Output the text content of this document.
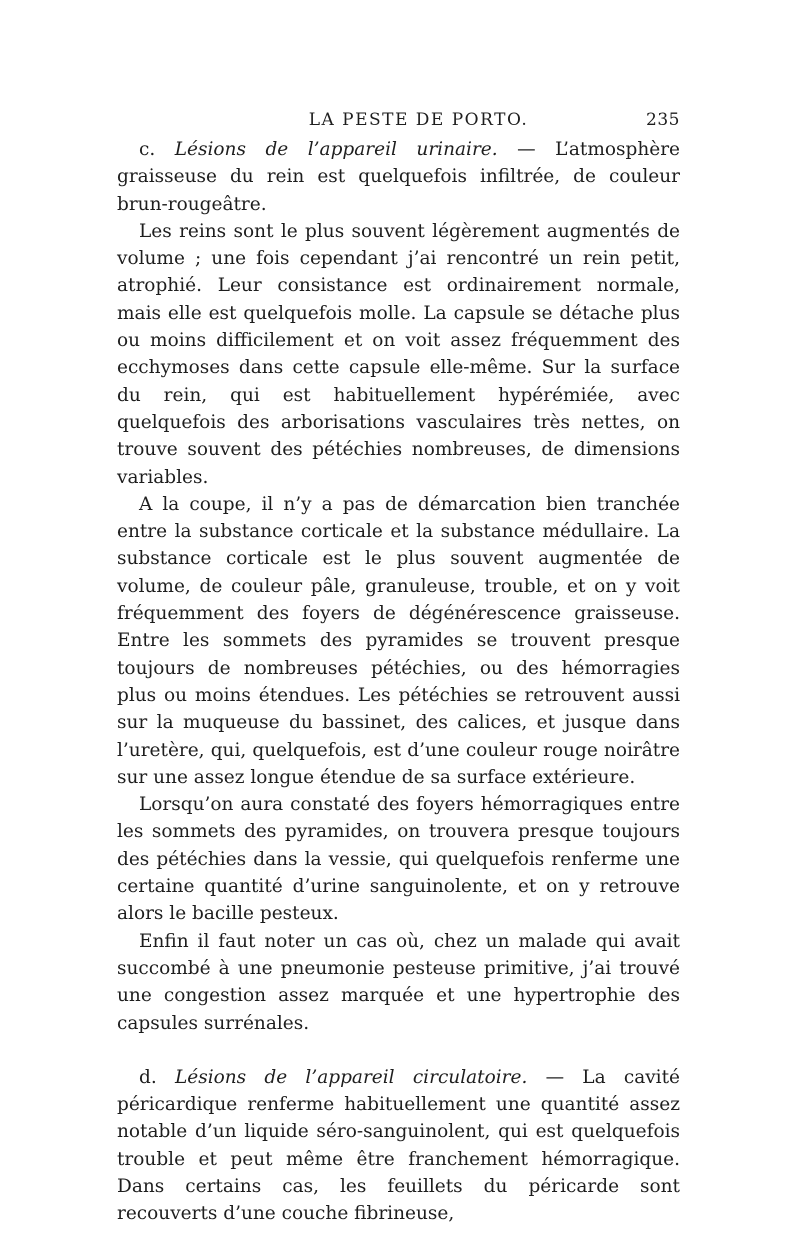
LA PESTE DE PORTO.	235

c. Lésions de l’appareil urinaire. — L’atmosphère graisseuse du rein est quelquefois infiltrée, de couleur brun-rougeâtre.

Les reins sont le plus souvent légèrement augmentés de volume ; une fois cependant j’ai rencontré un rein petit, atrophié. Leur consistance est ordinairement normale, mais elle est quelquefois molle. La capsule se détache plus ou moins difficilement et on voit assez fréquemment des ecchymoses dans cette capsule elle-même. Sur la surface du rein, qui est habituellement hypérémiée, avec quelquefois des arborisations vasculaires très nettes, on trouve souvent des pétéchies nombreuses, de dimensions variables.

A la coupe, il n’y a pas de démarcation bien tranchée entre la substance corticale et la substance médullaire. La substance corticale est le plus souvent augmentée de volume, de couleur pâle, granuleuse, trouble, et on y voit fréquemment des foyers de dégénérescence graisseuse. Entre les sommets des pyramides se trouvent presque toujours de nombreuses pétéchies, ou des hémorragies plus ou moins étendues. Les pétéchies se retrouvent aussi sur la muqueuse du bassinet, des calices, et jusque dans l’uretère, qui, quelquefois, est d’une couleur rouge noirâtre sur une assez longue étendue de sa surface extérieure.

Lorsqu’on aura constaté des foyers hémorragiques entre les sommets des pyramides, on trouvera presque toujours des pétéchies dans la vessie, qui quelquefois renferme une certaine quantité d’urine sanguinolente, et on y retrouve alors le bacille pesteux.

Enfin il faut noter un cas où, chez un malade qui avait succombé à une pneumonie pesteuse primitive, j’ai trouvé une congestion assez marquée et une hypertrophie des capsules surrénales.

d. Lésions de l’appareil circulatoire. — La cavité péricardique renferme habituellement une quantité assez notable d’un liquide séro-sanguinolent, qui est quelquefois trouble et peut même être franchement hémorragique. Dans certains cas, les feuillets du péricarde sont recouverts d’une couche fibrineuse,
